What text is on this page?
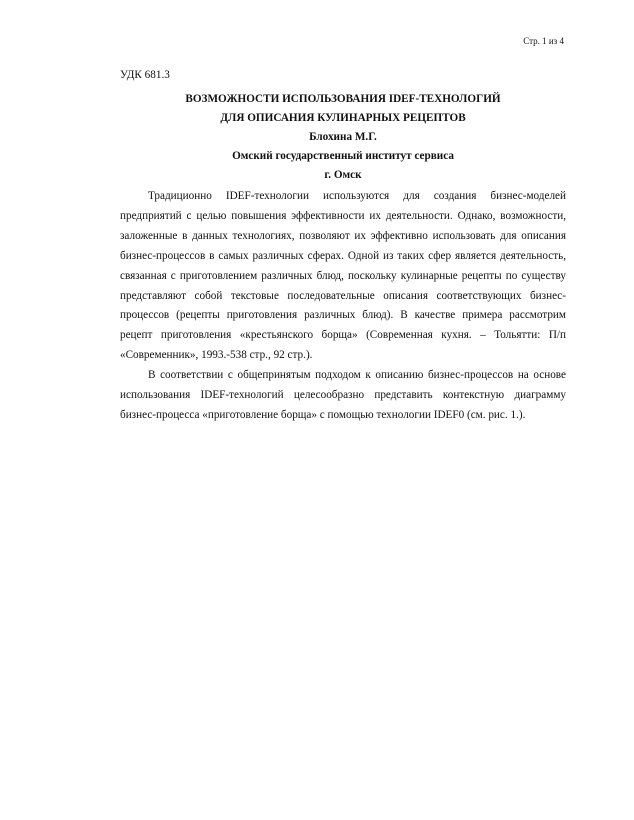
Стр. 1 из 4

УДК 681.3

ВОЗМОЖНОСТИ ИСПОЛЬЗОВАНИЯ IDEF-ТЕХНОЛОГИЙ

ДЛЯ ОПИСАНИЯ КУЛИНАРНЫХ РЕЦЕПТОВ

Блохина М.Г.

Омский государственный институт сервиса

г. Омск

Традиционно IDEF-технологии используются для создания бизнес-моделей предприятий с целью повышения эффективности их деятельности. Однако, возможности, заложенные в данных технологиях, позволяют их эффективно использовать для описания бизнес-процессов в самых различных сферах. Одной из таких сфер является деятельность, связанная с приготовлением различных блюд, поскольку кулинарные рецепты по существу представляют собой текстовые последовательные описания соответствующих бизнес-процессов (рецепты приготовления различных блюд). В качестве примера рассмотрим рецепт приготовления «крестьянского борща» (Современная кухня. – Тольятти: П/п «Современник», 1993.-538 стр., 92 стр.).

В соответствии с общепринятым подходом к описанию бизнес-процессов на основе использования IDEF-технологий целесообразно представить контекстную диаграмму бизнес-процесса «приготовление борща» с помощью технологии IDEF0 (см. рис. 1.).
